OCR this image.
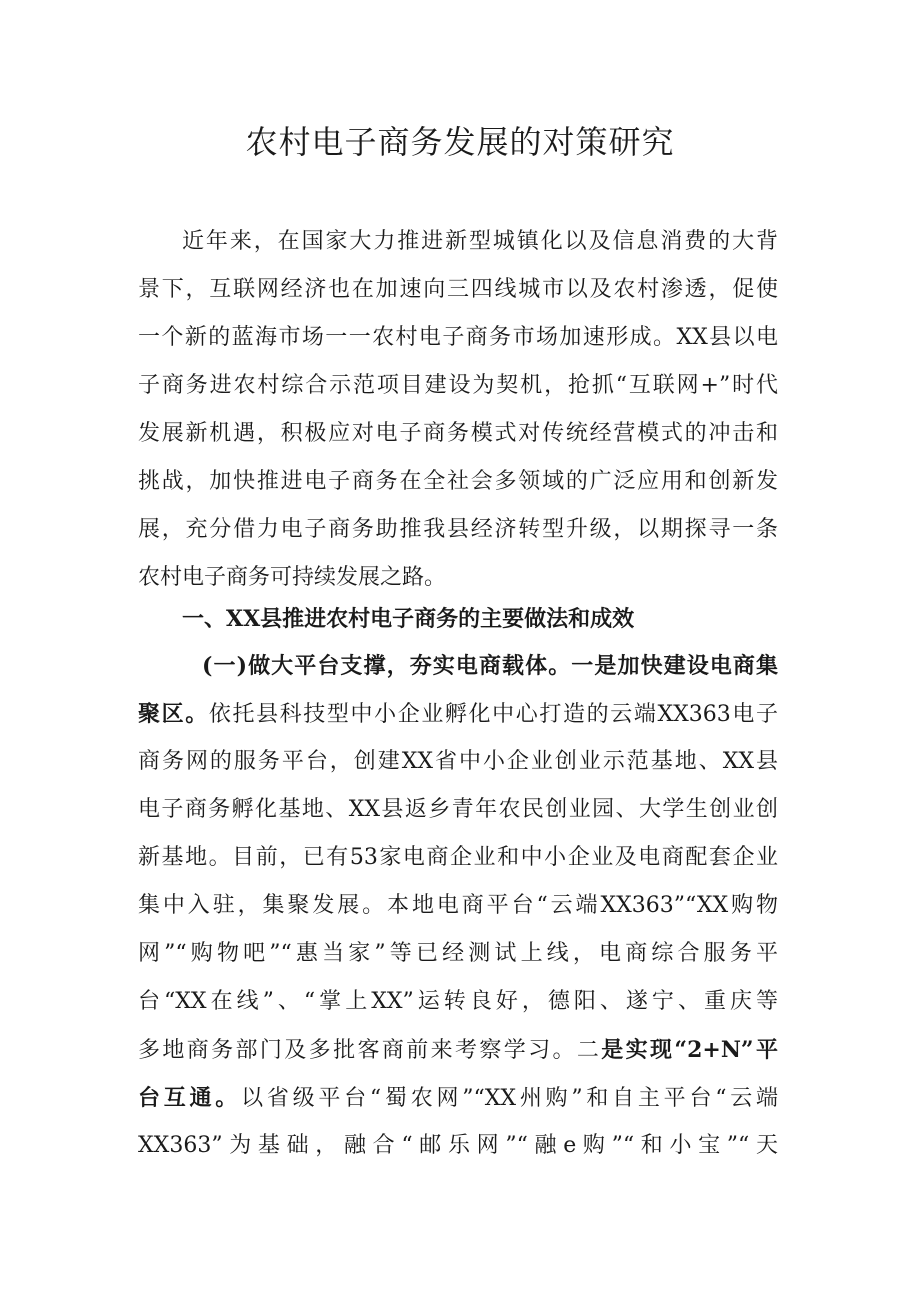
农村电子商务发展的对策研究
近年来，在国家大力推进新型城镇化以及信息消费的大背
景下，互联网经济也在加速向三四线城市以及农村渗透，促使
一个新的蓝海市场一一农村电子商务市场加速形成。XX县以电
子商务进农村综合示范项目建设为契机，抢抓“互联网+”时代
发展新机遇，积极应对电子商务模式对传统经营模式的冲击和
挑战，加快推进电子商务在全社会多领域的广泛应用和创新发
展，充分借力电子商务助推我县经济转型升级，以期探寻一条
农村电子商务可持续发展之路。
一、XX县推进农村电子商务的主要做法和成效
(一)做大平台支撑，夯实电商载体。一是加快建设电商集
聚区。依托县科技型中小企业孵化中心打造的云端XX363电子
商务网的服务平台，创建XX省中小企业创业示范基地、XX县
电子商务孵化基地、XX县返乡青年农民创业园、大学生创业创
新基地。目前，已有53家电商企业和中小企业及电商配套企业
集中入驻，集聚发展。本地电商平台“云端XX363”“XX购物
网”“购物吧”“惠当家”等已经测试上线，电商综合服务平
台“XX在线”、“掌上XX”运转良好，德阳、遂宁、重庆等
多地商务部门及多批客商前来考察学习。二是实现“2+N”平
台互通。以省级平台“蜀农网”“XX州购”和自主平台“云端
XX363”为基础，融合“邮乐网”“融e购”“和小宝”“天
